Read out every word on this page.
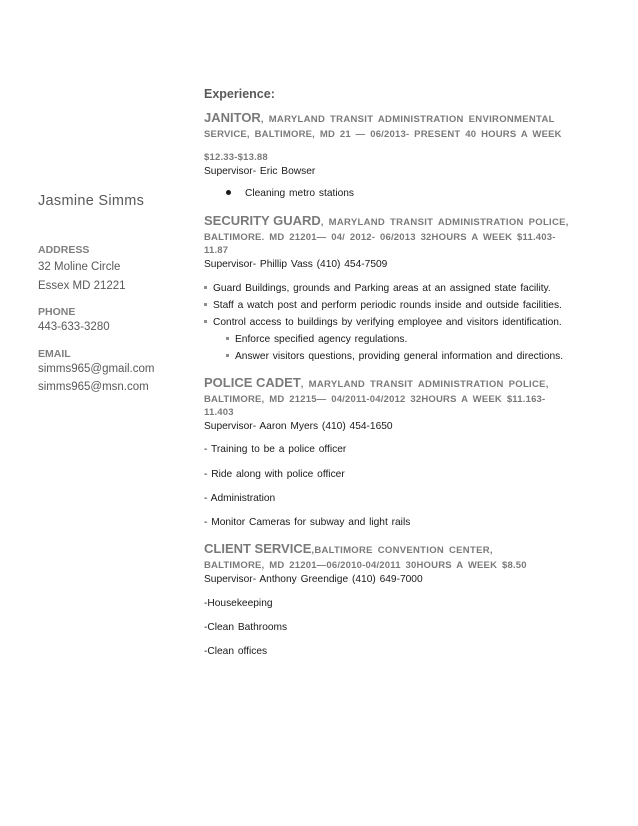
Jasmine Simms
ADDRESS
32 Moline Circle
Essex MD 21221
PHONE
443-633-3280
EMAIL
simms965@gmail.com
simms965@msn.com
Experience:
JANITOR, MARYLAND TRANSIT ADMINISTRATION ENVIRONMENTAL
SERVICE, BALTIMORE, MD 21 — 06/2013- PRESENT 40 HOURS A WEEK
$12.33-$13.88
Supervisor- Eric Bowser
Cleaning metro stations
SECURITY GUARD, MARYLAND TRANSIT ADMINISTRATION POLICE,
BALTIMORE. MD 21201— 04/ 2012- 06/2013 32HOURS A WEEK $11.403-
11.87
Supervisor- Phillip Vass (410) 454-7509
Guard Buildings, grounds and Parking areas at an assigned state facility.
Staff a watch post and perform periodic rounds inside and outside facilities.
Control access to buildings by verifying employee and visitors identification.
Enforce specified agency regulations.
Answer visitors questions, providing general information and directions.
POLICE CADET, MARYLAND TRANSIT ADMINISTRATION POLICE,
BALTIMORE, MD 21215— 04/2011-04/2012 32HOURS A WEEK $11.163-
11.403
Supervisor- Aaron Myers (410) 454-1650
- Training to be a police officer
- Ride along with police officer
- Administration
- Monitor Cameras for subway and light rails
CLIENT SERVICE,BALTIMORE CONVENTION CENTER,
BALTIMORE, MD 21201—06/2010-04/2011 30HOURS A WEEK $8.50
Supervisor- Anthony Greendige (410) 649-7000
-Housekeeping
-Clean Bathrooms
-Clean offices
